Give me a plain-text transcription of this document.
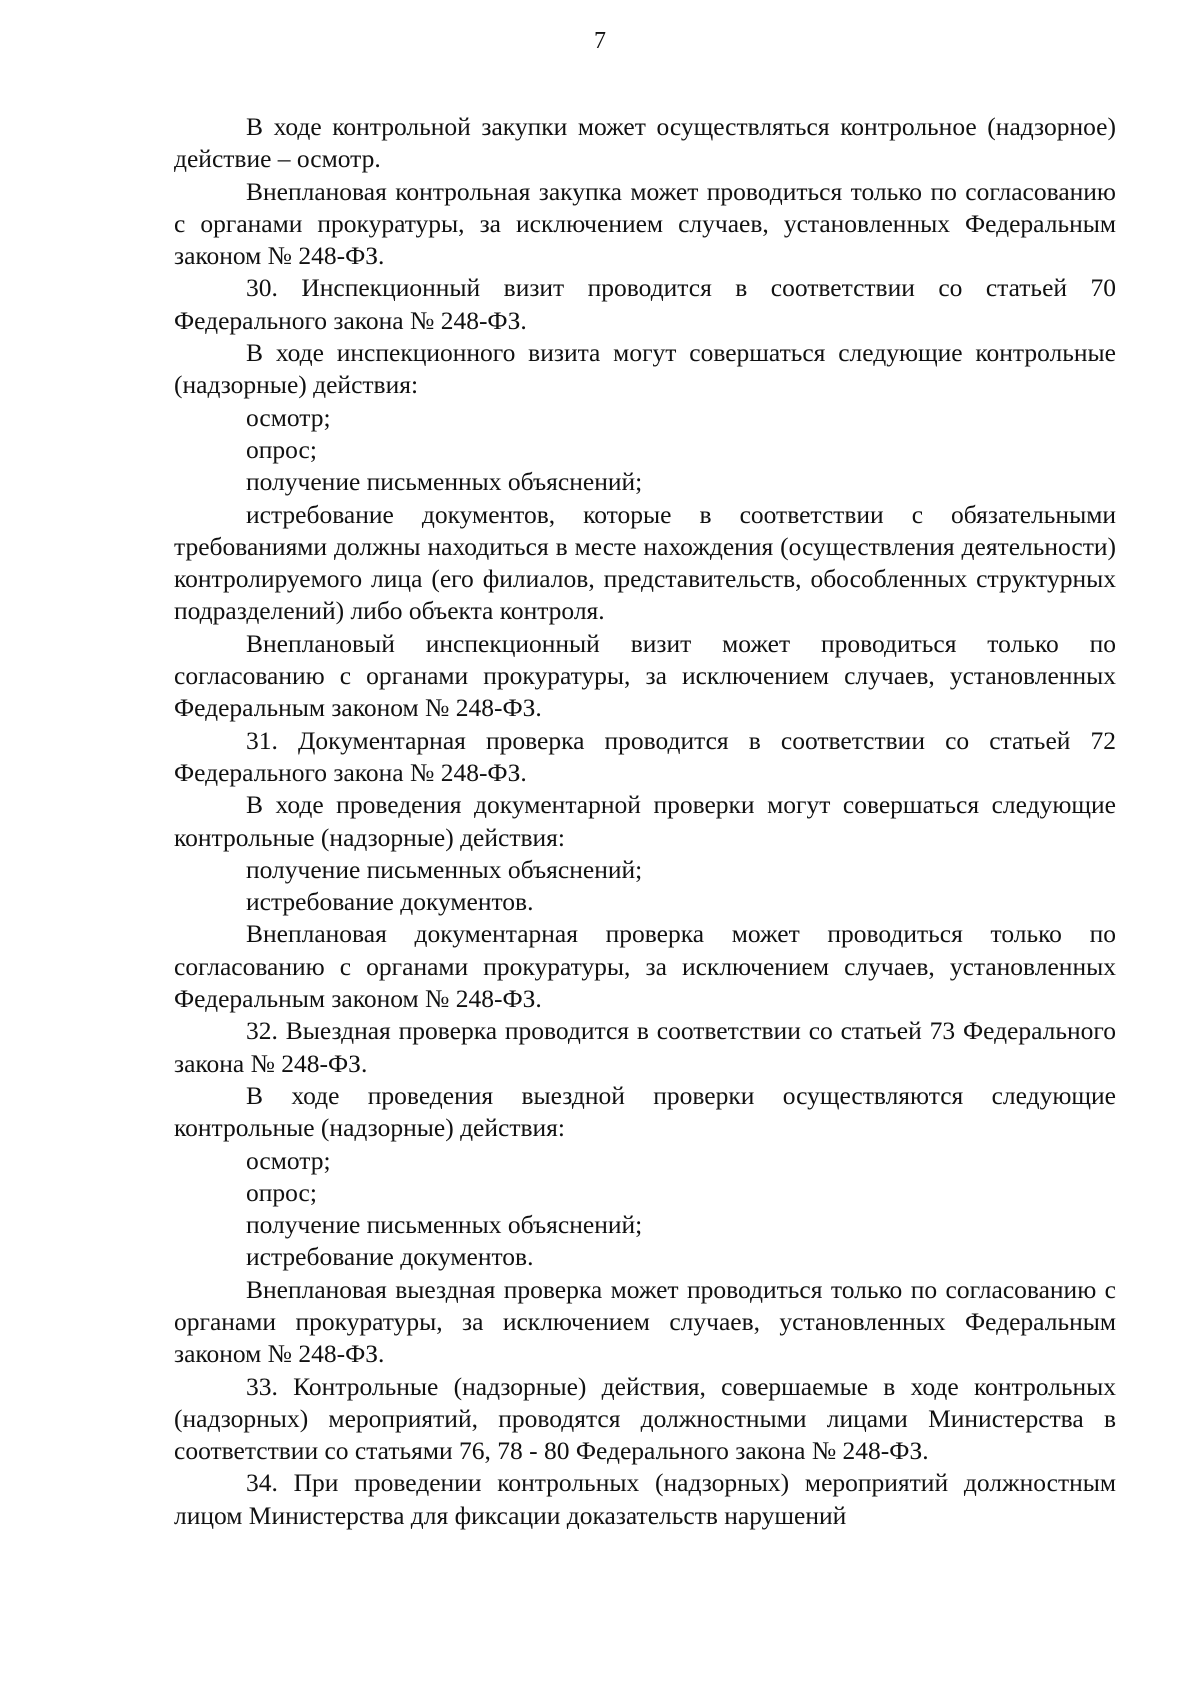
7

В ходе контрольной закупки может осуществляться контрольное (надзорное) действие – осмотр.

Внеплановая контрольная закупка может проводиться только по согласованию с органами прокуратуры, за исключением случаев, установленных Федеральным законом № 248-ФЗ.

30. Инспекционный визит проводится в соответствии со статьей 70 Федерального закона № 248-ФЗ.

В ходе инспекционного визита могут совершаться следующие контрольные (надзорные) действия:

осмотр;

опрос;

получение письменных объяснений;

истребование документов, которые в соответствии с обязательными требованиями должны находиться в месте нахождения (осуществления деятельности) контролируемого лица (его филиалов, представительств, обособленных структурных подразделений) либо объекта контроля.

Внеплановый инспекционный визит может проводиться только по согласованию с органами прокуратуры, за исключением случаев, установленных Федеральным законом № 248-ФЗ.

31. Документарная проверка проводится в соответствии со статьей 72 Федерального закона № 248-ФЗ.

В ходе проведения документарной проверки могут совершаться следующие контрольные (надзорные) действия:

получение письменных объяснений;

истребование документов.

Внеплановая документарная проверка может проводиться только по согласованию с органами прокуратуры, за исключением случаев, установленных Федеральным законом № 248-ФЗ.

32. Выездная проверка проводится в соответствии со статьей 73 Федерального закона № 248-ФЗ.

В ходе проведения выездной проверки осуществляются следующие контрольные (надзорные) действия:

осмотр;

опрос;

получение письменных объяснений;

истребование документов.

Внеплановая выездная проверка может проводиться только по согласованию с органами прокуратуры, за исключением случаев, установленных Федеральным законом № 248-ФЗ.

33. Контрольные (надзорные) действия, совершаемые в ходе контрольных (надзорных) мероприятий, проводятся должностными лицами Министерства в соответствии со статьями 76, 78 - 80 Федерального закона № 248-ФЗ.

34. При проведении контрольных (надзорных) мероприятий должностным лицом Министерства для фиксации доказательств нарушений
